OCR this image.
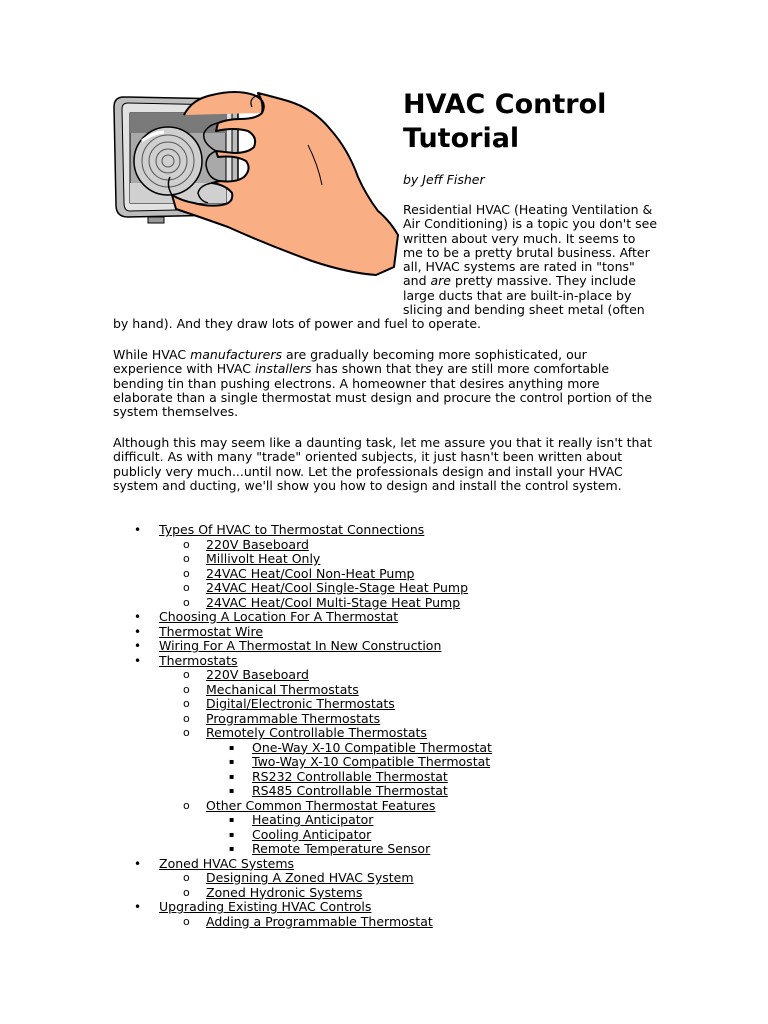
HVAC Control
Tutorial
by Jeff Fisher
Residential HVAC (Heating Ventilation & Air Conditioning) is a topic you don't see written about very much. It seems to me to be a pretty brutal business. After all, HVAC systems are rated in "tons" and are pretty massive. They include large ducts that are built-in-place by slicing and bending sheet metal (often by hand). And they draw lots of power and fuel to operate.

While HVAC manufacturers are gradually becoming more sophisticated, our experience with HVAC installers has shown that they are still more comfortable bending tin than pushing electrons. A homeowner that desires anything more elaborate than a single thermostat must design and procure the control portion of the system themselves.

Although this may seem like a daunting task, let me assure you that it really isn't that difficult. As with many "trade" oriented subjects, it just hasn't been written about publicly very much...until now. Let the professionals design and install your HVAC system and ducting, we'll show you how to design and install the control system.

• Types Of HVAC to Thermostat Connections
o 220V Baseboard
o Millivolt Heat Only
o 24VAC Heat/Cool Non-Heat Pump
o 24VAC Heat/Cool Single-Stage Heat Pump
o 24VAC Heat/Cool Multi-Stage Heat Pump
• Choosing A Location For A Thermostat
• Thermostat Wire
• Wiring For A Thermostat In New Construction
• Thermostats
o 220V Baseboard
o Mechanical Thermostats
o Digital/Electronic Thermostats
o Programmable Thermostats
o Remotely Controllable Thermostats
▪ One-Way X-10 Compatible Thermostat
▪ Two-Way X-10 Compatible Thermostat
▪ RS232 Controllable Thermostat
▪ RS485 Controllable Thermostat
o Other Common Thermostat Features
▪ Heating Anticipator
▪ Cooling Anticipator
▪ Remote Temperature Sensor
• Zoned HVAC Systems
o Designing A Zoned HVAC System
o Zoned Hydronic Systems
• Upgrading Existing HVAC Controls
o Adding a Programmable Thermostat
